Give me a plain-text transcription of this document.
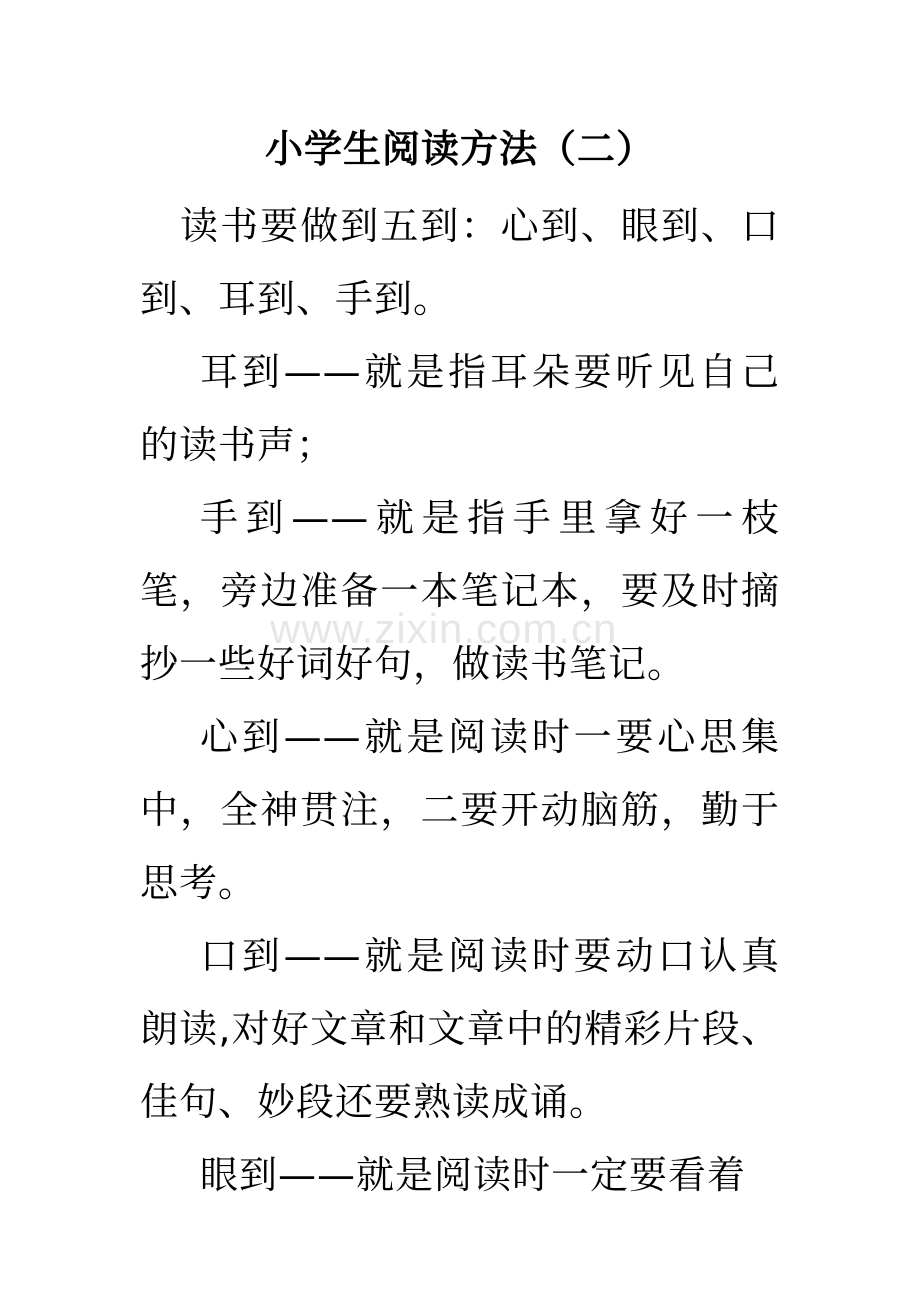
www.zixin.com.cn
小学生阅读方法（二）

读书要做到五到：心到、眼到、口到、耳到、手到。

耳到——就是指耳朵要听见自己的读书声；

手到——就是指手里拿好一枝笔，旁边准备一本笔记本，要及时摘抄一些好词好句，做读书笔记。

心到——就是阅读时一要心思集中，全神贯注，二要开动脑筋，勤于思考。

口到——就是阅读时要动口认真朗读,对好文章和文章中的精彩片段、佳句、妙段还要熟读成诵。

眼到——就是阅读时一定要看着
